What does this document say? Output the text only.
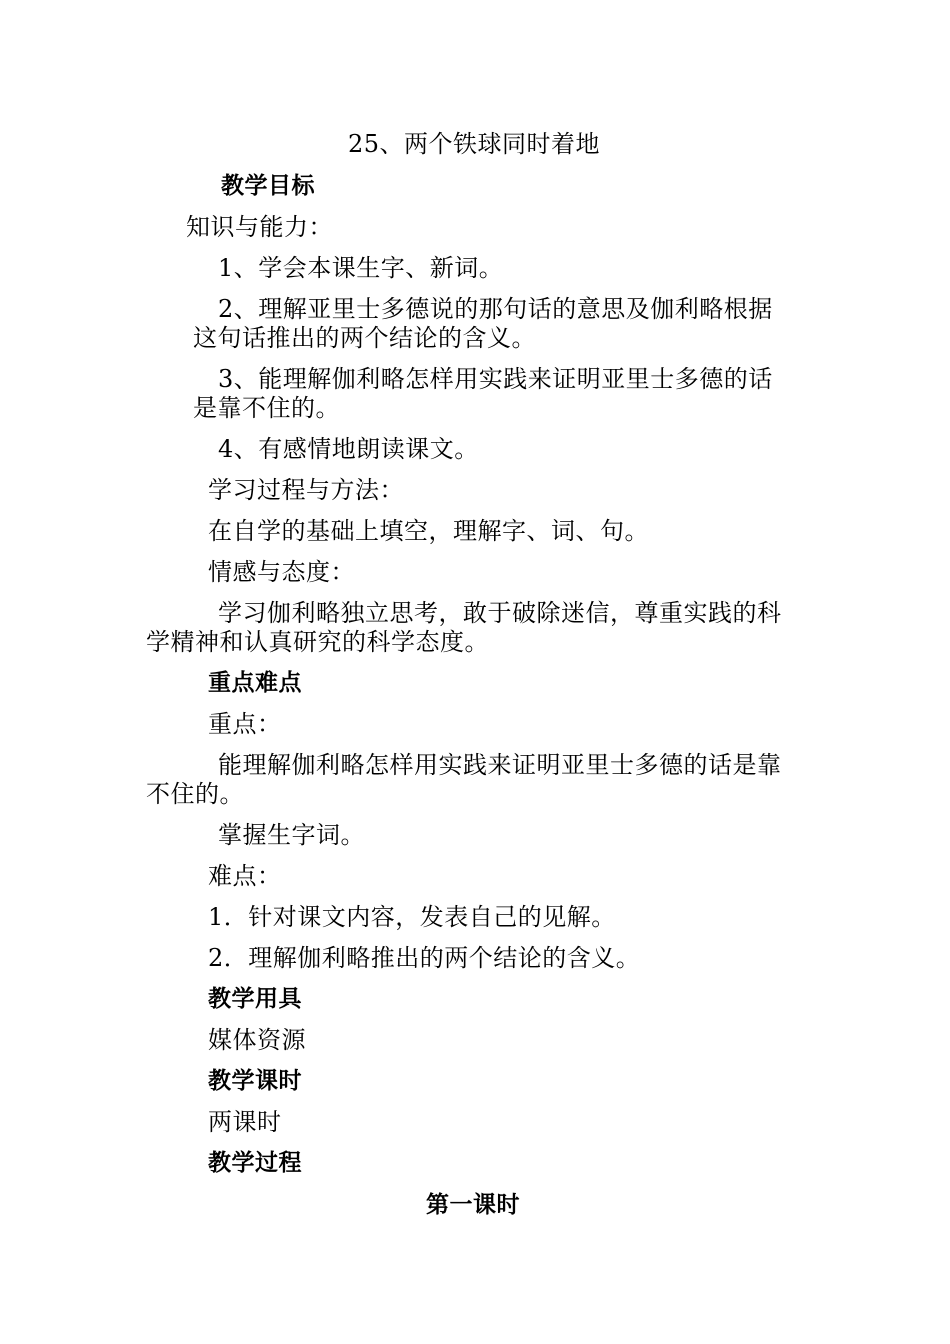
25、两个铁球同时着地
教学目标
知识与能力：
1、学会本课生字、新词。
2、理解亚里士多德说的那句话的意思及伽利略根据
这句话推出的两个结论的含义。
3、能理解伽利略怎样用实践来证明亚里士多德的话
是靠不住的。
4、有感情地朗读课文。
学习过程与方法：
在自学的基础上填空，理解字、词、句。
情感与态度：
学习伽利略独立思考，敢于破除迷信，尊重实践的科
学精神和认真研究的科学态度。
重点难点
重点：
能理解伽利略怎样用实践来证明亚里士多德的话是靠
不住的。
掌握生字词。
难点：
1．针对课文内容，发表自己的见解。
2．理解伽利略推出的两个结论的含义。
教学用具
媒体资源
教学课时
两课时
教学过程
第一课时
